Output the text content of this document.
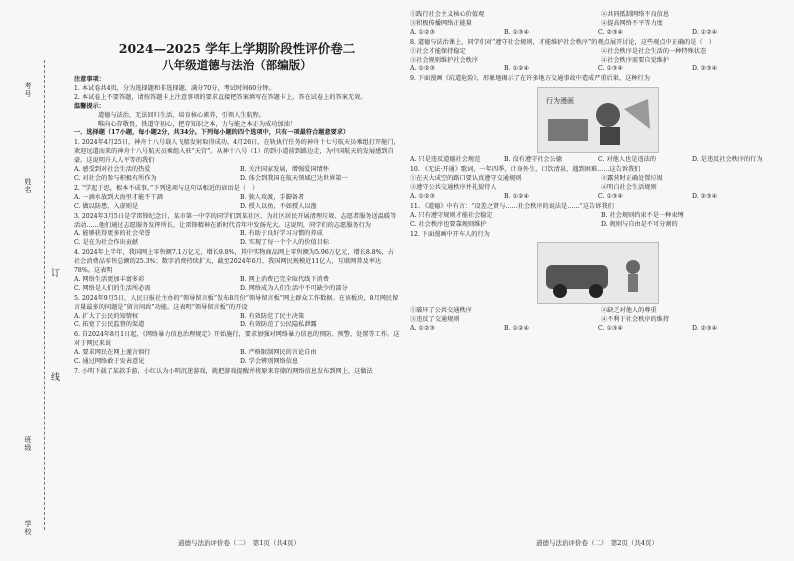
考号
姓名
班级
学校
订
线
2024—2025 学年上学期阶段性评价卷二
八年级道德与法治（部编版）
注意事项：

1. 本试卷共4页，分为选择题和非选择题，满分70分，考试时间60分钟。

2. 本试卷上不要答题，请按答题卡上注意事项的要求直接把答案填写在答题卡上，答在试卷上的答案无效。

温馨提示：

道德与法治，无法回归生活，培育核心素养，引领人生航程。

唯向心存敬畏，铁道守初心，把存知识之本，力与能之本正为成功加油！

一、选择题（17小题，每小题2分，共34分。下列每小题的四个选项中，只有一项最符合题意要求）

1. 2024年4月25日，神舟十八号载人飞船发射取得成功。4月26日，在轨执行任务的神舟十七号航天员乘组打开舱门，欢迎远道而来的神舟十八号航天员乘组入驻“天宫”。从神十八号（1）的到小道前到路边走，为中国航天的发展感到自豪。这说明升人人平等的我们

A. 感受到对社会生活的热爱	B. 关注国家发展，增强爱国情怀
C. 对社会的参与积极有所作为	D. 体会到我国在航天领域已达世界第一

2. “学起于思，根本不成事。”下列选项与这句话相近的谚语是（　）

A. 一滴水放到大海里才能不干涸	B. 独人攻渡，手脚备者
C. 做以防患，入虚则是	D. 授人以鱼，不如授人以渔

3. 2024年3月5日是学雷锋纪念日，某市第一中学的同学们到某社区，为社区居民开展清理垃圾、志愿者服务送温暖等活动……他们通过志愿服务发挥所长，让雷锋精神在新时代青年中发扬光大。这说明，同学们的志愿服务行为

A. 能够获得更多的社会荣誉	B. 有助于良好学习习惯的养成
C. 是在为社会作出贡献	D. 实现了每一个个人的价值目标

4. 2024年上半年，我国网上零售额7.1万亿元，增长9.8%，其中实物商品网上零售额为5.96万亿元，增长8.8%，占社会消费品零售总额的25.3%；数字消费持续扩大，截至2024年6月，我国网民规模近11亿人，互联网普及率达78%。这表明

A. 网络生活更加丰富多彩	B. 网上消费已完全取代线下消费
C. 网络是人们的生活所必需	D. 网络成为人们生活中不可缺少的部分

5. 2024年9月5日，人民日报社主办的“领导留言板”发布8月份“领导留言板”网上群众工作数据。在该板块，8月网民留言量最多的问题是“留言问政”功能。这表明“领导留言板”的开设

A. 扩大了公民的知情权	B. 有效防范了民主决策
C. 拓宽了公民监督的渠道	D. 有效防范了公民隐私泄露

6. 自2024年8月1日起，《网络暴力信息治理规定》开始施行，要求加强对网络暴力信息的预防、预警、处置等工作。这对于网民来说

A. 要求网民在网上谨言慎行	B. 严格限制网民的言论自由
C. 通过网络敢于发表意见	D. 学会辨别网络信息

7. 小明下载了某款手游，小红认为小明沉迷游戏，就把游戏提醒并将原来存储的网络信息发布到网上，这做法

①践行社会主义核心价值观	②共同抵制网络不良信息
③积极传播网络正能量	④提高网络不平等力度
A. ①②③	B. ①③④	C. ②③④	D. ①②④

8. 道德与法治课上，同学们对“遵守社会规则，才能维护社会秩序”的观点展开讨论，这些观点中正确的是（　）

①社会才能保持稳定	②社会秩序是社会生活的一种特殊状态
③社会规则维护社会秩序	④社会秩序需要自觉维护
A. ①②③	B. ①②④	C. ①③④	D. ②③④

9. 下面漫画《坑道危险》，形象地揭示了在许多地方交通事故中造成严重后果，这种行为

行为漫画
A. 只是违反道德社会规范	B. 没有遵守社会公德	C. 对他人也是违法的	D. 是违反社会秩序的行为

10. 《无法·开通》歌词，一年四季，计身外生，口饮清泉，遇到困难……这告诉我们

①在天大成空的路口要认真遵守交通规则	②露营时正确处置垃圾
③遵守公共交通秩序并礼貌待人	④明白社会生活规则
A. ①②③	B. ①②④	C. ①③④	D. ②③④

11. 《道德》中有言：“设差之贤与……社会秩序的说法是……”这告诉我们

A. 只有遵守规则才能社会稳定	B. 社会规则约束不是一种束缚
C. 社会秩序也要靠规则维护	D. 规则与自由是不可分割的

12. 下面漫画中开车人的行为

①破坏了公共交通秩序	②缺乏对他人的尊重
③违反了交通规则	④不利于社会秩序的维持
A. ①②③	B. ①②④	C. ①③④	D. ②③④
道德与法治评价卷（二）　第1页（共4页）	道德与法治评价卷（二）　第2页（共4页）
